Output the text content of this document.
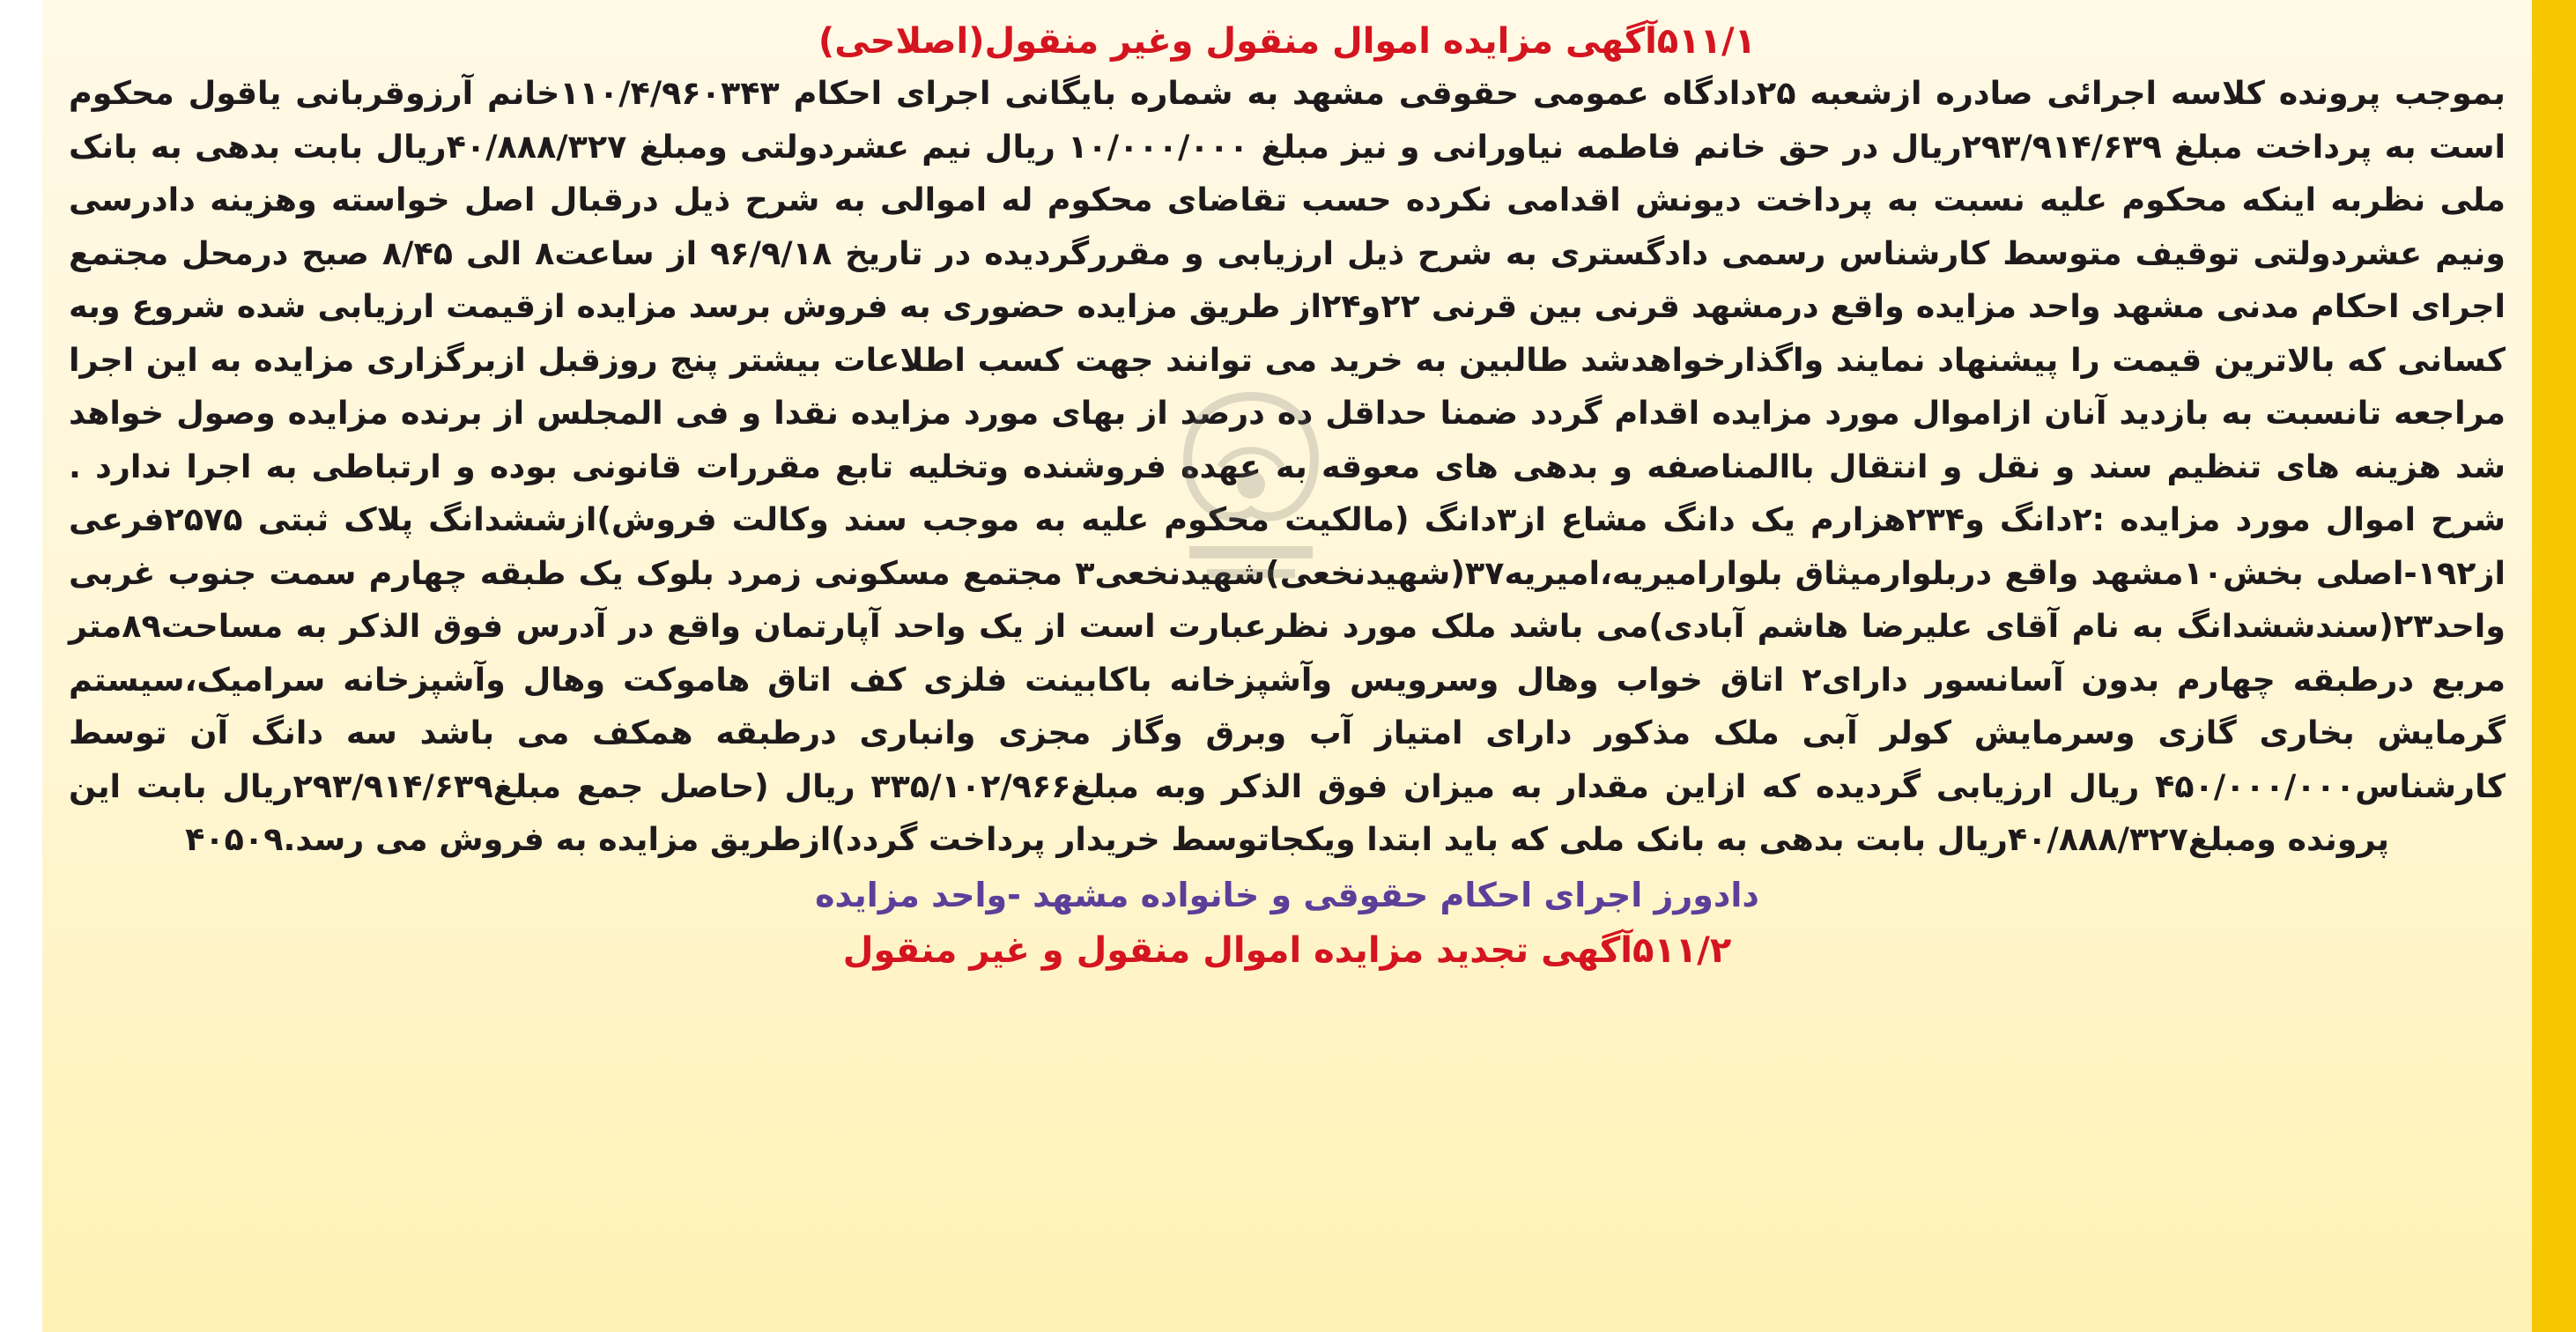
۵۱۱/۱آگهی مزایده اموال منقول وغیر منقول(اصلاحی)

بموجب پرونده کلاسه اجرائی صادره ازشعبه ۲۵دادگاه عمومی حقوقی مشهد به شماره بایگانی اجرای احکام ۱۱۰/۴/۹۶۰۳۴۳خانم آرزوقربانی یاقول محکوم است به پرداخت مبلغ ۲۹۳/۹۱۴/۶۳۹ریال در حق خانم فاطمه نیاورانی و نیز مبلغ ۱۰/۰۰۰/۰۰۰ ریال نیم عشردولتی ومبلغ ۴۰/۸۸۸/۳۲۷ریال بابت بدهی به بانک ملی نظربه اینکه محکوم علیه نسبت به پرداخت دیونش اقدامی نکرده حسب تقاضای محکوم له اموالی به شرح ذیل درقبال اصل خواسته وهزینه دادرسی ونیم عشردولتی توقیف متوسط کارشناس رسمی دادگستری به شرح ذیل ارزیابی و مقررگردیده در تاریخ ۹۶/۹/۱۸ از ساعت۸ الی ۸/۴۵ صبح درمحل مجتمع اجرای احکام مدنی مشهد واحد مزایده واقع درمشهد قرنی بین قرنی ۲۲و۲۴از طریق مزایده حضوری به فروش برسد مزایده ازقیمت ارزیابی شده شروع وبه کسانی که بالاترین قیمت را پیشنهاد نمایند واگذارخواهدشد طالبین به خرید می توانند جهت کسب اطلاعات بیشتر پنج روزقبل ازبرگزاری مزایده به این اجرا مراجعه تانسبت به بازدید آنان ازاموال مورد مزایده اقدام گردد ضمنا حداقل ده درصد از بهای مورد مزایده نقدا و فی المجلس از برنده مزایده وصول خواهد شد هزینه های تنظیم سند و نقل و انتقال باالمناصفه و بدهی های معوقه به عهده فروشنده وتخلیه تابع مقررات قانونی بوده و ارتباطی به اجرا ندارد . شرح اموال مورد مزایده :۲دانگ و۲۳۴هزارم یک دانگ مشاع از۳دانگ (مالکیت محکوم علیه به موجب سند وکالت فروش)ازششدانگ پلاک ثبتی ۲۵۷۵فرعی از۱۹۲-اصلی بخش۱۰مشهد واقع دربلوارمیثاق بلوارامیریه،امیریه۳۷(شهیدنخعی)شهیدنخعی۳ مجتمع مسکونی زمرد بلوک یک طبقه چهارم سمت جنوب غربی واحد۲۳(سندششدانگ به نام آقای علیرضا هاشم آبادی)می باشد ملک مورد نظرعبارت است از یک واحد آپارتمان واقع در آدرس فوق الذکر به مساحت۸۹متر مربع درطبقه چهارم بدون آسانسور دارای۲ اتاق خواب وهال وسرویس وآشپزخانه باکابینت فلزی کف اتاق هاموکت وهال وآشپزخانه سرامیک،سیستم گرمایش بخاری گازی وسرمایش کولر آبی ملک مذکور دارای امتیاز آب وبرق وگاز مجزی وانباری درطبقه همکف می باشد سه دانگ آن توسط کارشناس۴۵۰/۰۰۰/۰۰۰ ریال ارزیابی گردیده که ازاین مقدار به میزان فوق الذکر وبه مبلغ۳۳۵/۱۰۲/۹۶۶ ریال (حاصل جمع مبلغ۲۹۳/۹۱۴/۶۳۹ریال بابت این پرونده ومبلغ۴۰/۸۸۸/۳۲۷ریال بابت بدهی به بانک ملی که باید ابتدا ویکجاتوسط خریدار پرداخت گردد)ازطریق مزایده به فروش می رسد.۴۰۵۰۹

دادورز اجرای احکام حقوقی و خانواده مشهد -واحد مزایده
۵۱۱/۲آگهی تجدید مزایده اموال منقول و غیر منقول
